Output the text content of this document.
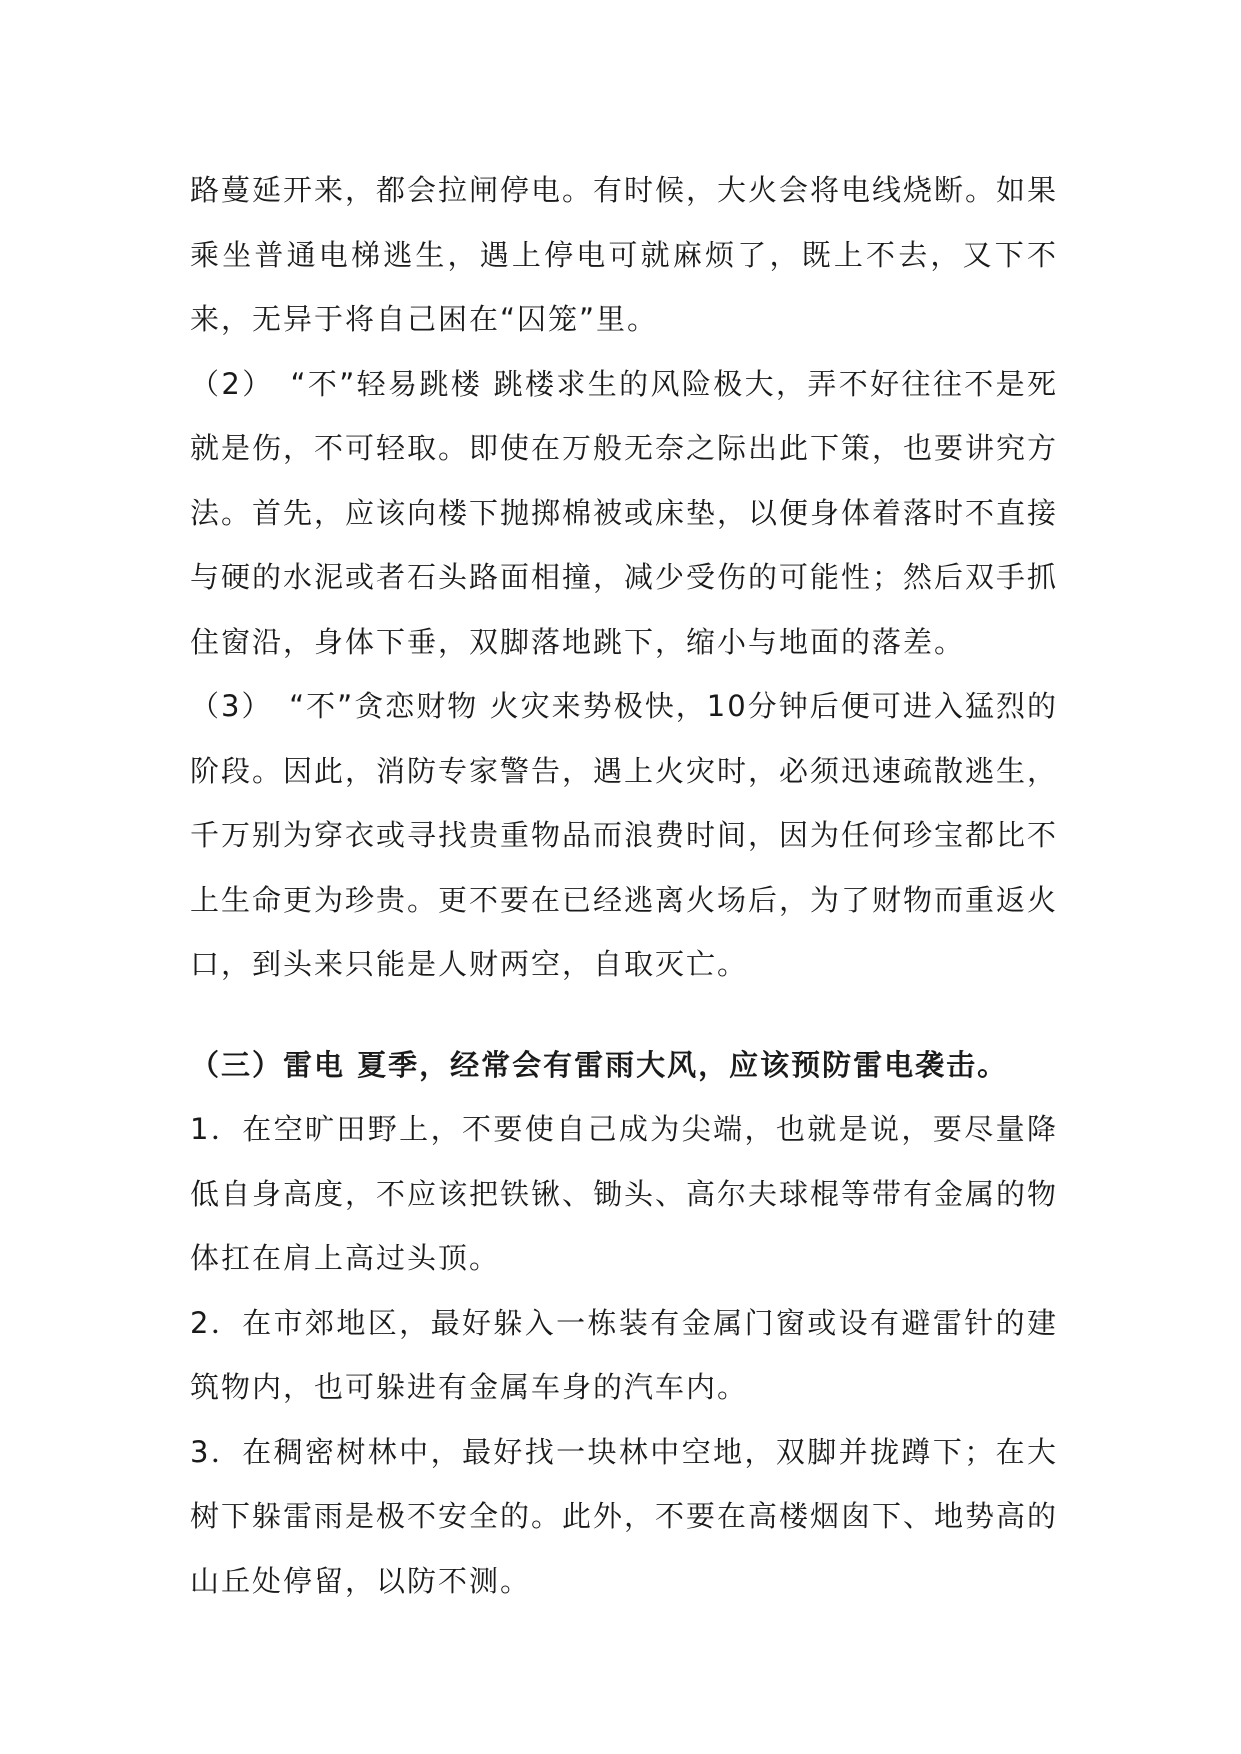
路蔓延开来，都会拉闸停电。有时候，大火会将电线烧断。如果乘坐普通电梯逃生，遇上停电可就麻烦了，既上不去，又下不来，无异于将自己困在“囚笼”里。

（2）　“不”轻易跳楼 跳楼求生的风险极大，弄不好往往不是死就是伤，不可轻取。即使在万般无奈之际出此下策，也要讲究方法。首先，应该向楼下抛掷棉被或床垫，以便身体着落时不直接与硬的水泥或者石头路面相撞，减少受伤的可能性；然后双手抓住窗沿，身体下垂，双脚落地跳下，缩小与地面的落差。

（3）　“不”贪恋财物 火灾来势极快，10分钟后便可进入猛烈的阶段。因此，消防专家警告，遇上火灾时，必须迅速疏散逃生，千万别为穿衣或寻找贵重物品而浪费时间，因为任何珍宝都比不上生命更为珍贵。更不要在已经逃离火场后，为了财物而重返火口，到头来只能是人财两空，自取灭亡。

（三）雷电 夏季，经常会有雷雨大风，应该预防雷电袭击。

1．在空旷田野上，不要使自己成为尖端，也就是说，要尽量降低自身高度，不应该把铁锹、锄头、高尔夫球棍等带有金属的物体扛在肩上高过头顶。

2．在市郊地区，最好躲入一栋装有金属门窗或设有避雷针的建筑物内，也可躲进有金属车身的汽车内。

3．在稠密树林中，最好找一块林中空地，双脚并拢蹲下；在大树下躲雷雨是极不安全的。此外，不要在高楼烟囱下、地势高的山丘处停留，以防不测。
